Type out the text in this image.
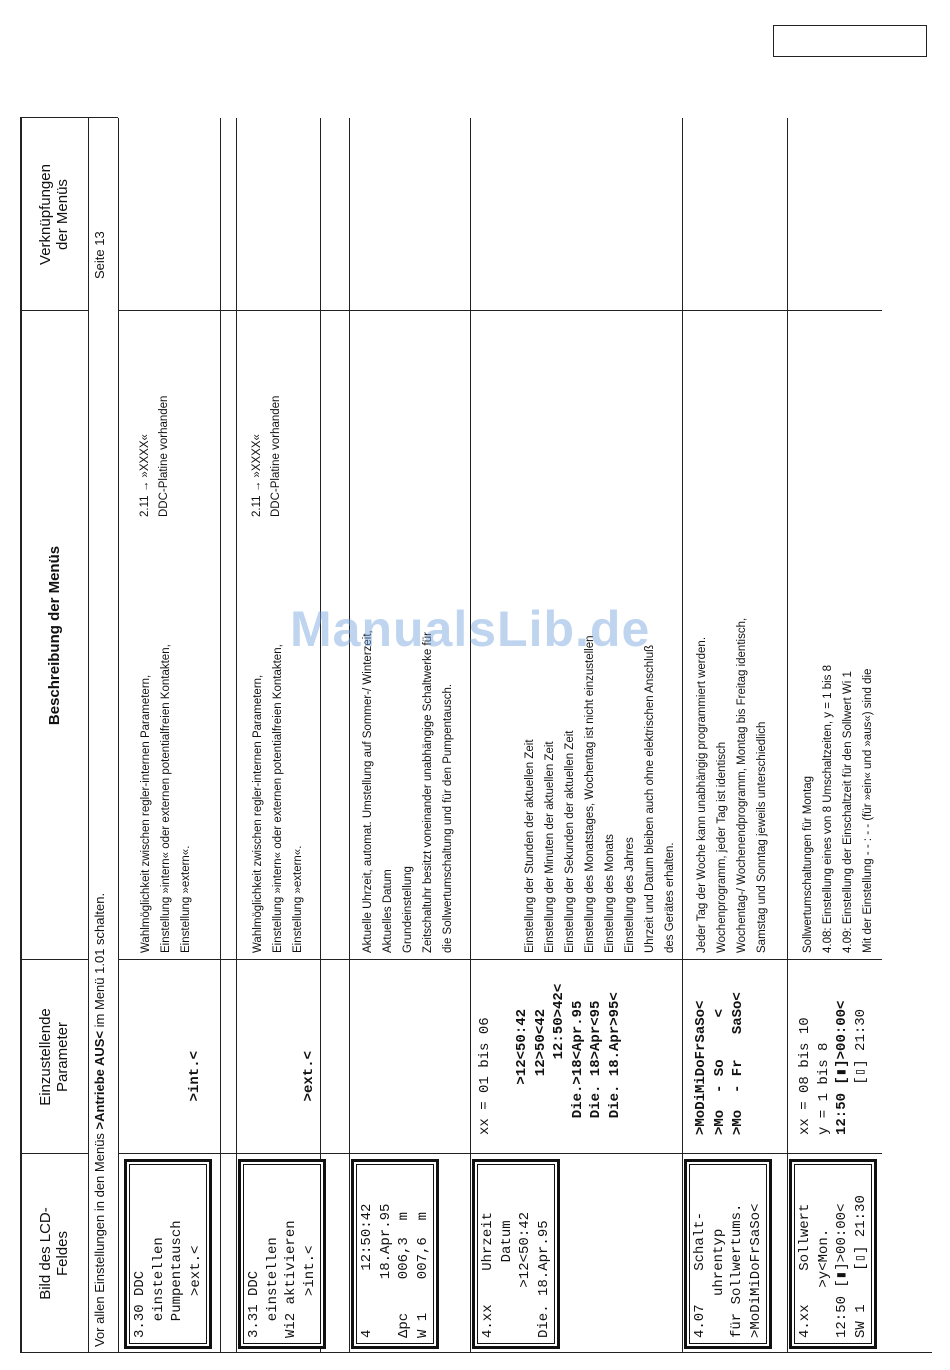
Bild des LCD-
Feldes
Einzustellende
Parameter
Beschreibung der Menüs
Verknüpfungen
der Menüs
Vor allen Einstellungen in den Menüs >Antriebe AUS< im Menü 1.01 schalten.
Seite 13
3.30 DDC einstellen Pumpentausch >ext.<
>int.<
Wahlmöglichkeit zwischen regler-internen Parametern, Einstellung »intern« oder externen potentialfreien Kontakten, Einstellung »extern«.
2.11 → »XXXX« DDC-Platine vorhanden
3.31 DDC einstellen Wi2 aktivieren >int.<
>ext.<
Wahlmöglichkeit zwischen regler-internen Parametern, Einstellung »intern« oder externen potentialfreien Kontakten, Einstellung »extern«.
2.11 → »XXXX« DDC-Platine vorhanden
4       12:50:42 18.Apr.95 Δpc    006,3  m W 1    007,6  m
Aktuelle Uhrzeit, automat. Umstellung auf Sommer-/ Winterzeit, Aktuelles Datum Grundeinstellung Zeitschaltuhr besitzt voneinander unabhängige Schaltwerke für die Sollwertumschaltung und für den Pumpentausch.
4.xx    Uhrzeit Datum >12<50:42 Die. 18.Apr.95
xx = 01 bis 06 >12<50:42 12>50<42 12:50>42< Die.>18<Apr.95 Die. 18>Apr<95 Die. 18.Apr>95<
Einstellung der Stunden der aktuellen Zeit Einstellung der Minuten der aktuellen Zeit Einstellung der Sekunden der aktuellen Zeit Einstellung des Monatstages, Wochentag ist nicht einzustellen Einstellung des Monats Einstellung des Jahres Uhrzeit und Datum bleiben auch ohne elektrischen Anschluß des Gerätes erhalten.
4.07    Schalt- uhrentyp für Sollwertums. >MoDiMiDoFrSaSo<
>MoDiMiDoFrSaSo< >Mo  - So     < >Mo  - Fr   SaSo<
Jeder Tag der Woche kann unabhängig programmiert werden. Wochenprogramm, jeder Tag ist identisch Wochentag-/ Wochenendprogramm, Montag bis Freitag identisch, Samstag und Sonntag jeweils unterschiedlich
4.xx    Sollwert >y<Mon. 12:50 [▮]>00:00< SW 1    [▯] 21:30
xx = 08 bis 10 y = 1 bis 8 12:50 [▮]>00:00< [▯] 21:30
Sollwertumschaltungen für Montag 4.08: Einstellung eines von 8 Umschaltzeiten, y = 1 bis 8 4.09: Einstellung der Einschaltzeit für den Sollwert Wi 1 Mit der Einstellung - - : - - (für »ein« und »aus«) sind die
ManualsLib.de
